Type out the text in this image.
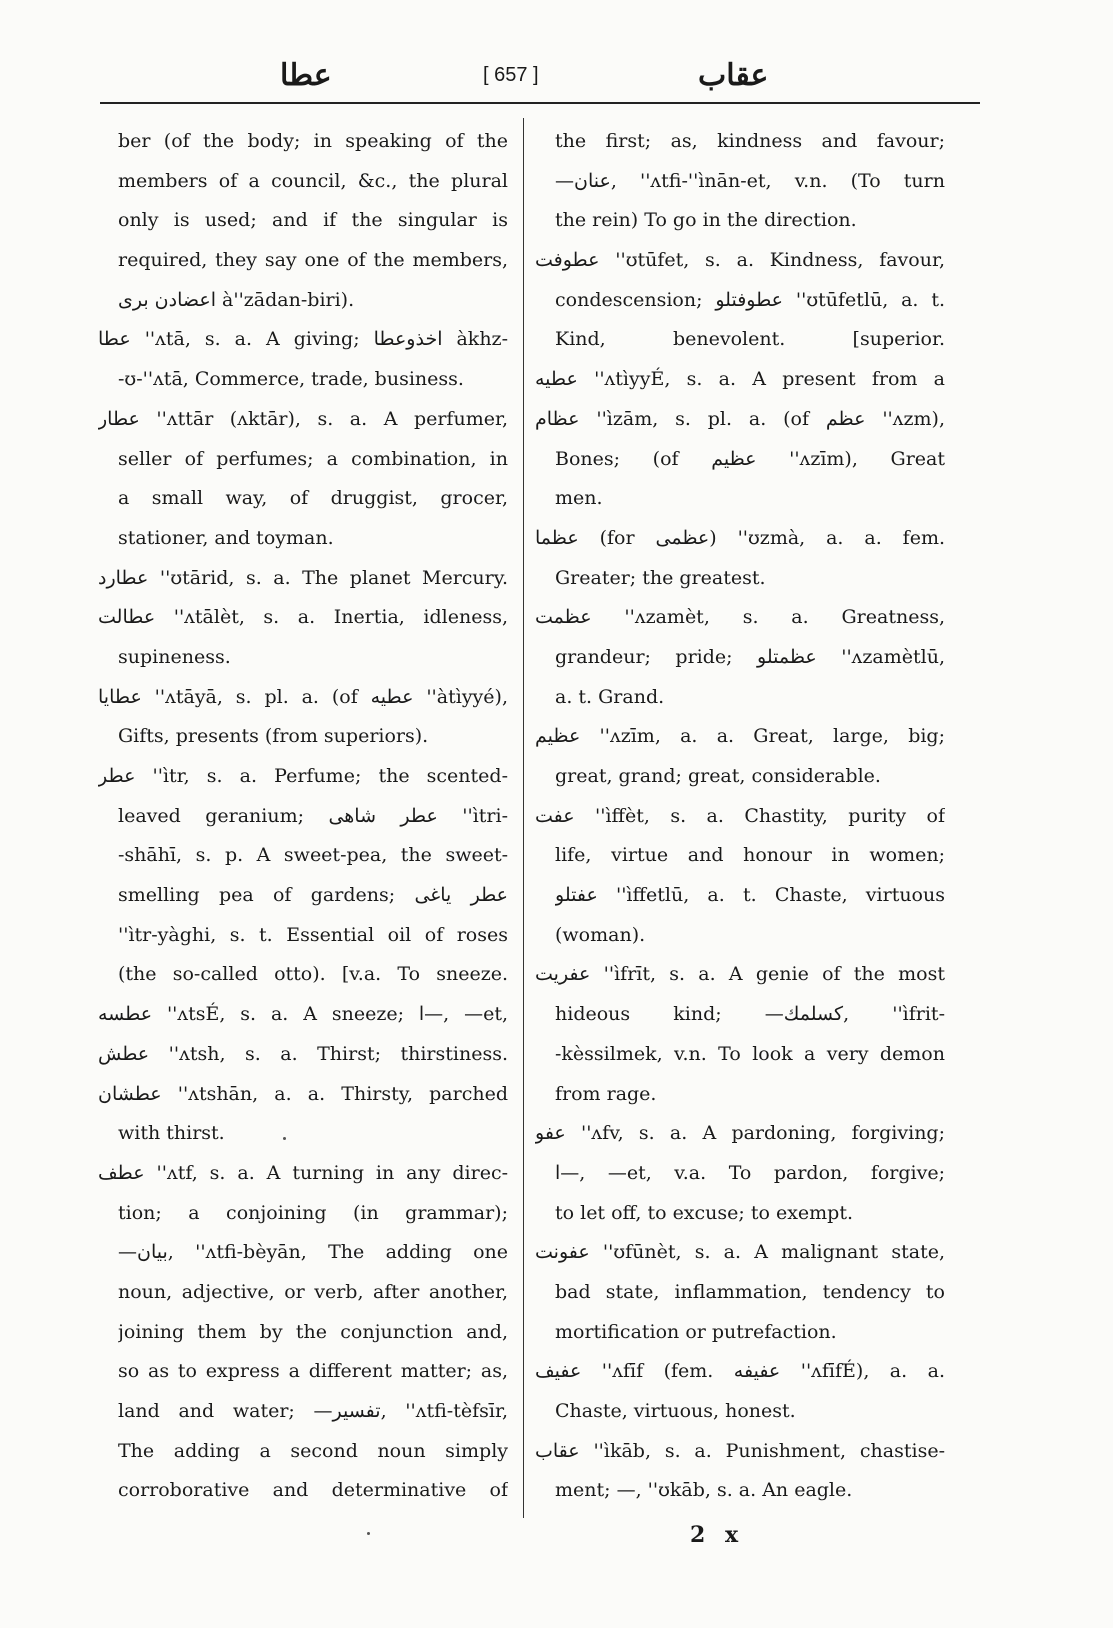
عطا	[ 657 ]	عقاب
ber (of the body; in speaking of the
members of a council, &c., the plural
only is used; and if the singular is
required, they say one of the members,
اعضادن بری à''zādan-biri).
عطا ''ʌtā, s. a. A giving; اخذوعطا àkhz-
-ʊ-''ʌtā, Commerce, trade, business.
عطار ''ʌttār (ʌktār), s. a. A perfumer,
seller of perfumes; a combination, in
a small way, of druggist, grocer,
stationer, and toyman.
عطارد ''ʊtārid, s. a. The planet Mercury.
عطالت ''ʌtālèt, s. a. Inertia, idleness,
supineness.
عطايا ''ʌtāyā, s. pl. a. (of عطيه ''àtìyyé),
Gifts, presents (from superiors).
عطر ''ìtr, s. a. Perfume; the scented-
leaved geranium; عطر شاهی ''ìtri-
-shāhī, s. p. A sweet-pea, the sweet-
smelling pea of gardens; عطر ياغی
''ìtr-yàghi, s. t. Essential oil of roses
(the so-called otto). [v.a. To sneeze.
عطسه ''ʌtsÉ, s. a. A sneeze; ا—, —et,
عطش ''ʌtsh, s. a. Thirst; thirstiness.
عطشان ''ʌtshān, a. a. Thirsty, parched
with thirst.
عطف ''ʌtf, s. a. A turning in any direc-
tion; a conjoining (in grammar);
—بيان, ''ʌtfi-bèyān, The adding one
noun, adjective, or verb, after another,
joining them by the conjunction and,
so as to express a different matter; as,
land and water; —تفسير, ''ʌtfi-tèfsīr,
The adding a second noun simply
corroborative and determinative of
the first; as, kindness and favour;
—عنان, ''ʌtfi-''ìnān-et, v.n. (To turn
the rein) To go in the direction.
عطوفت ''ʊtūfet, s. a. Kindness, favour,
condescension; عطوفتلو ''ʊtūfetlū, a. t.
Kind, benevolent. [superior.
عطيه ''ʌtìyyÉ, s. a. A present from a
عظام ''ìzām, s. pl. a. (of عظم ''ʌzm),
Bones; (of عظيم ''ʌzīm), Great
men.
عظما (for عظمى) ''ʊzmà, a. a. fem.
Greater; the greatest.
عظمت ''ʌzamèt, s. a. Greatness,
grandeur; pride; عظمتلو ''ʌzamètlū,
a. t. Grand.
عظيم ''ʌzīm, a. a. Great, large, big;
great, grand; great, considerable.
عفت ''ìffèt, s. a. Chastity, purity of
life, virtue and honour in women;
عفتلو ''ìffetlū, a. t. Chaste, virtuous
(woman).
عفريت ''ìfrīt, s. a. A genie of the most
hideous kind; —كسلمك, ''ìfrit-
-kèssilmek, v.n. To look a very demon
from rage.
عفو ''ʌfv, s. a. A pardoning, forgiving;
ا—, —et, v.a. To pardon, forgive;
to let off, to excuse; to exempt.
عفونت ''ʊfūnèt, s. a. A malignant state,
bad state, inflammation, tendency to
mortification or putrefaction.
عفيف ''ʌfīf (fem. عفيفه ''ʌfīfÉ), a. a.
Chaste, virtuous, honest.
عقاب ''ìkāb, s. a. Punishment, chastise-
ment; —, ''ʊkāb, s. a. An eagle.
2 x
